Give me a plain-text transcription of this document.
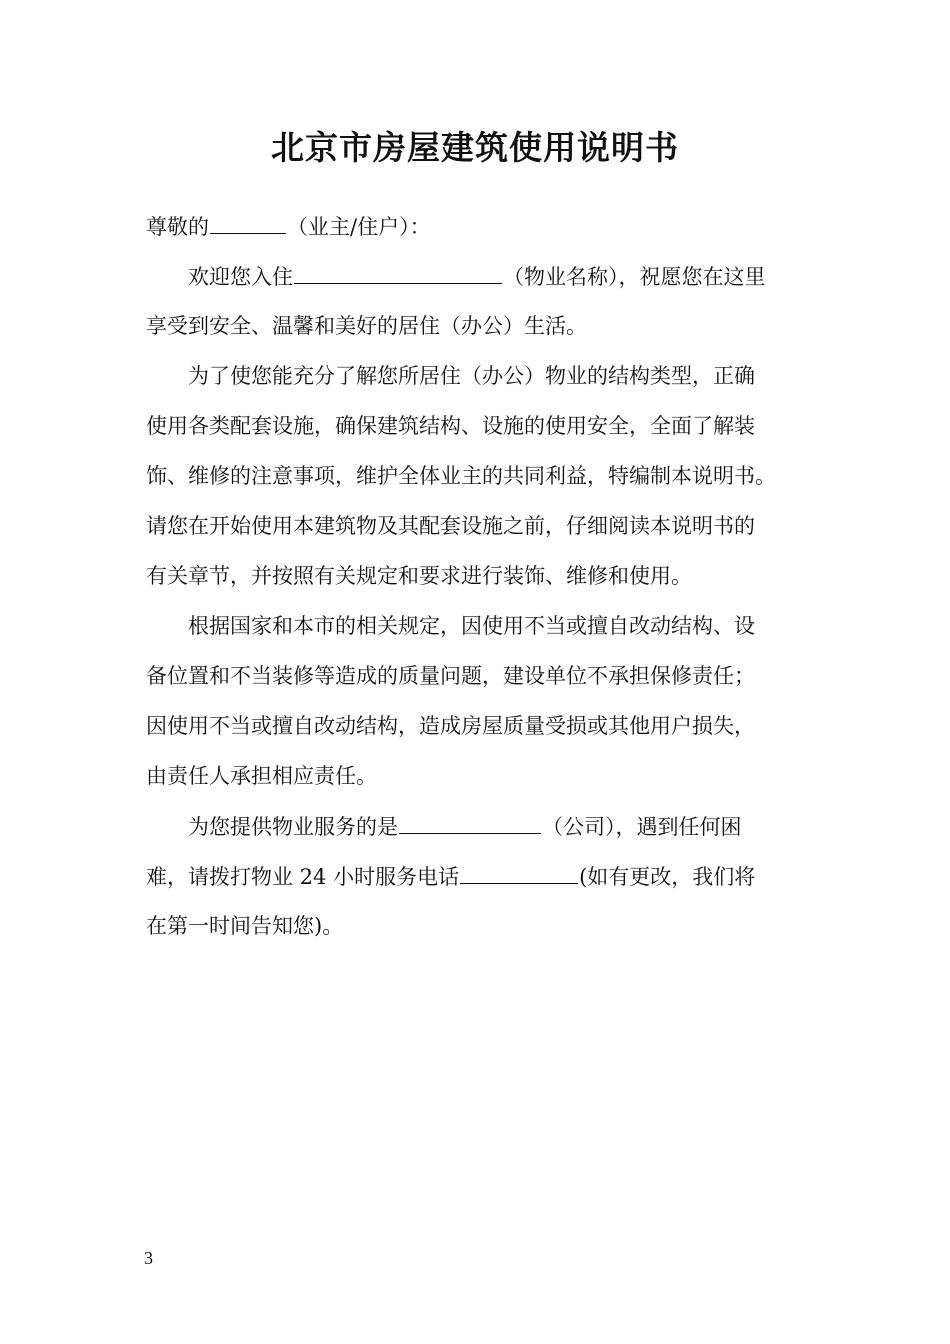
北京市房屋建筑使用说明书
尊敬的	（业主/住户）：
欢迎您入住	（物业名称），祝愿您在这里
享受到安全、温馨和美好的居住（办公）生活。
为了使您能充分了解您所居住（办公）物业的结构类型，正确
使用各类配套设施，确保建筑结构、设施的使用安全，全面了解装
饰、维修的注意事项，维护全体业主的共同利益，特编制本说明书。
请您在开始使用本建筑物及其配套设施之前，仔细阅读本说明书的
有关章节，并按照有关规定和要求进行装饰、维修和使用。
根据国家和本市的相关规定，因使用不当或擅自改动结构、设
备位置和不当装修等造成的质量问题，建设单位不承担保修责任；
因使用不当或擅自改动结构，造成房屋质量受损或其他用户损失，
由责任人承担相应责任。
为您提供物业服务的是	（公司），遇到任何困
难，请拨打物业 24 小时服务电话	(如有更改，我们将
在第一时间告知您)。
3
